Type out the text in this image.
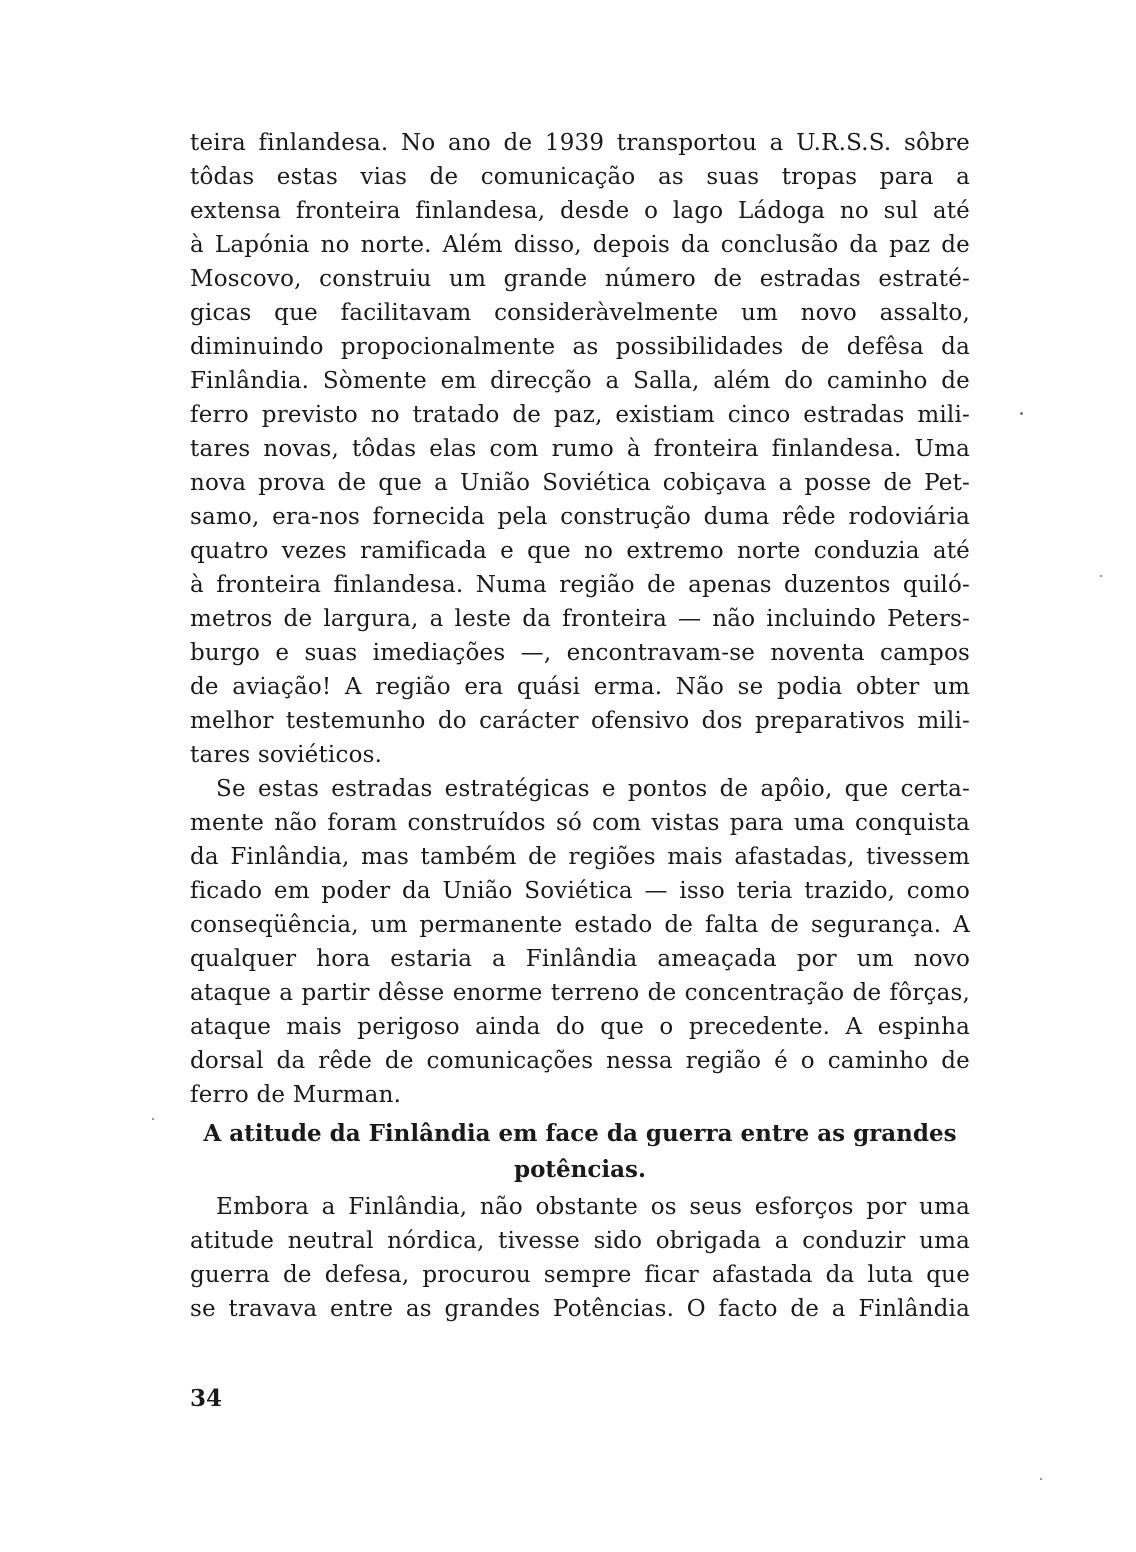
teira finlandesa. No ano de 1939 transportou a U.R.S.S. sôbre
tôdas estas vias de comunicação as suas tropas para a
extensa fronteira finlandesa, desde o lago Ládoga no sul até
à Lapónia no norte. Além disso, depois da conclusão da paz de
Moscovo, construiu um grande número de estradas estraté-
gicas que facilitavam consideràvelmente um novo assalto,
diminuindo propocionalmente as possibilidades de defêsa da
Finlândia. Sòmente em direcção a Salla, além do caminho de
ferro previsto no tratado de paz, existiam cinco estradas mili-
tares novas, tôdas elas com rumo à fronteira finlandesa. Uma
nova prova de que a União Soviética cobiçava a posse de Pet-
samo, era-nos fornecida pela construção duma rêde rodoviária
quatro vezes ramificada e que no extremo norte conduzia até
à fronteira finlandesa. Numa região de apenas duzentos quiló-
metros de largura, a leste da fronteira — não incluindo Peters-
burgo e suas imediações —, encontravam-se noventa campos
de aviação! A região era quási erma. Não se podia obter um
melhor testemunho do carácter ofensivo dos preparativos mili-
tares soviéticos.
Se estas estradas estratégicas e pontos de apôio, que certa-
mente não foram construídos só com vistas para uma conquista
da Finlândia, mas também de regiões mais afastadas, tivessem
ficado em poder da União Soviética — isso teria trazido, como
conseqüência, um permanente estado de falta de segurança. A
qualquer hora estaria a Finlândia ameaçada por um novo
ataque a partir dêsse enorme terreno de concentração de fôrças,
ataque mais perigoso ainda do que o precedente. A espinha
dorsal da rêde de comunicações nessa região é o caminho de
ferro de Murman.
A atitude da Finlândia em face da guerra entre as grandes
potências.
Embora a Finlândia, não obstante os seus esforços por uma
atitude neutral nórdica, tivesse sido obrigada a conduzir uma
guerra de defesa, procurou sempre ficar afastada da luta que
se travava entre as grandes Potências. O facto de a Finlândia
34
